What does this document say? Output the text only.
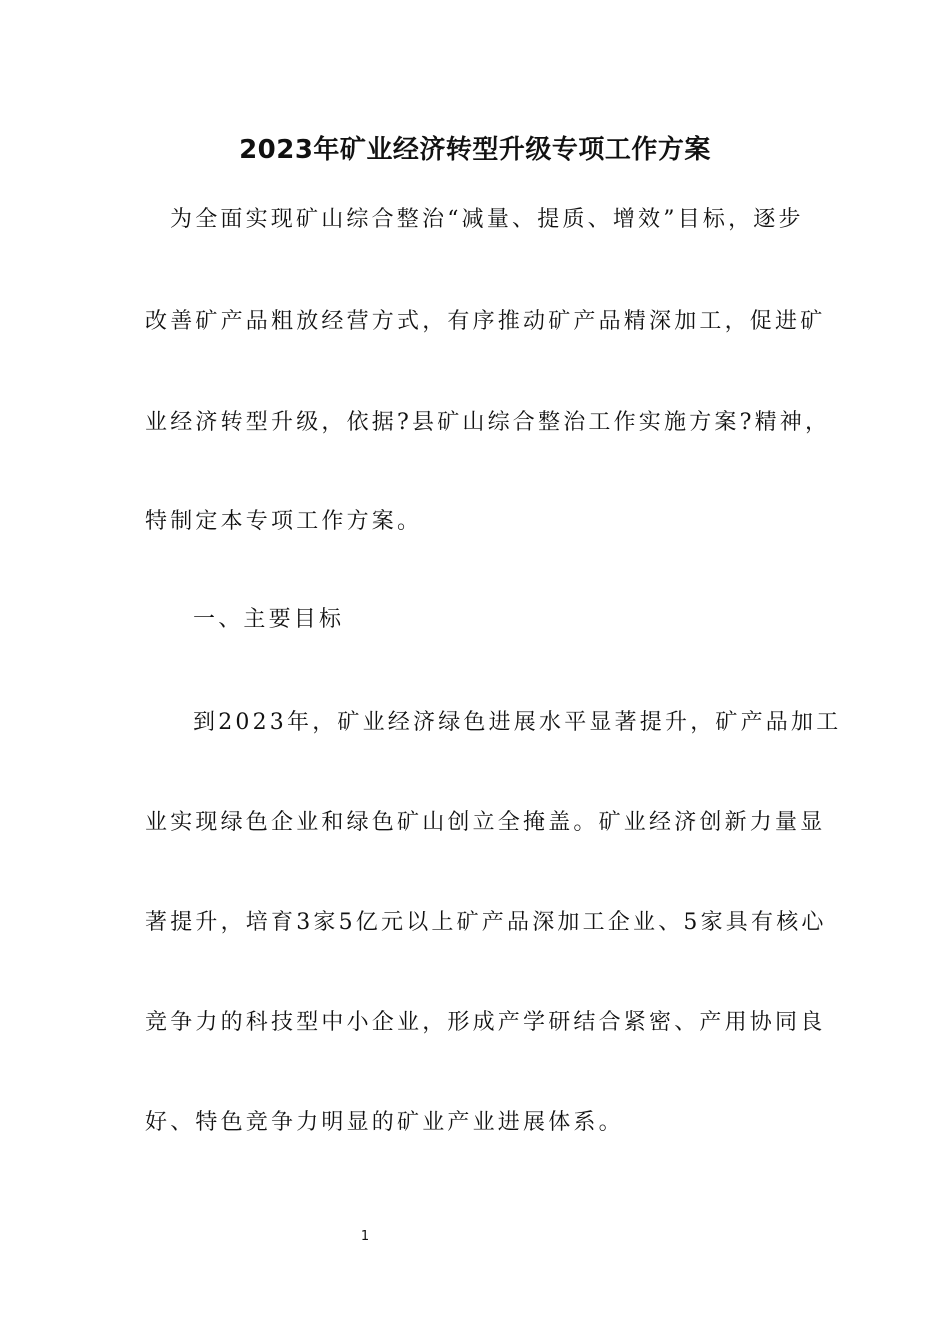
2023年矿业经济转型升级专项工作方案
为全面实现矿山综合整治“减量、提质、增效”目标，逐步
改善矿产品粗放经营方式，有序推动矿产品精深加工，促进矿
业经济转型升级，依据?县矿山综合整治工作实施方案?精神，
特制定本专项工作方案。
一、主要目标
到2023年，矿业经济绿色进展水平显著提升，矿产品加工
业实现绿色企业和绿色矿山创立全掩盖。矿业经济创新力量显
著提升，培育3家5亿元以上矿产品深加工企业、5家具有核心
竞争力的科技型中小企业，形成产学研结合紧密、产用协同良
好、特色竞争力明显的矿业产业进展体系。
1
